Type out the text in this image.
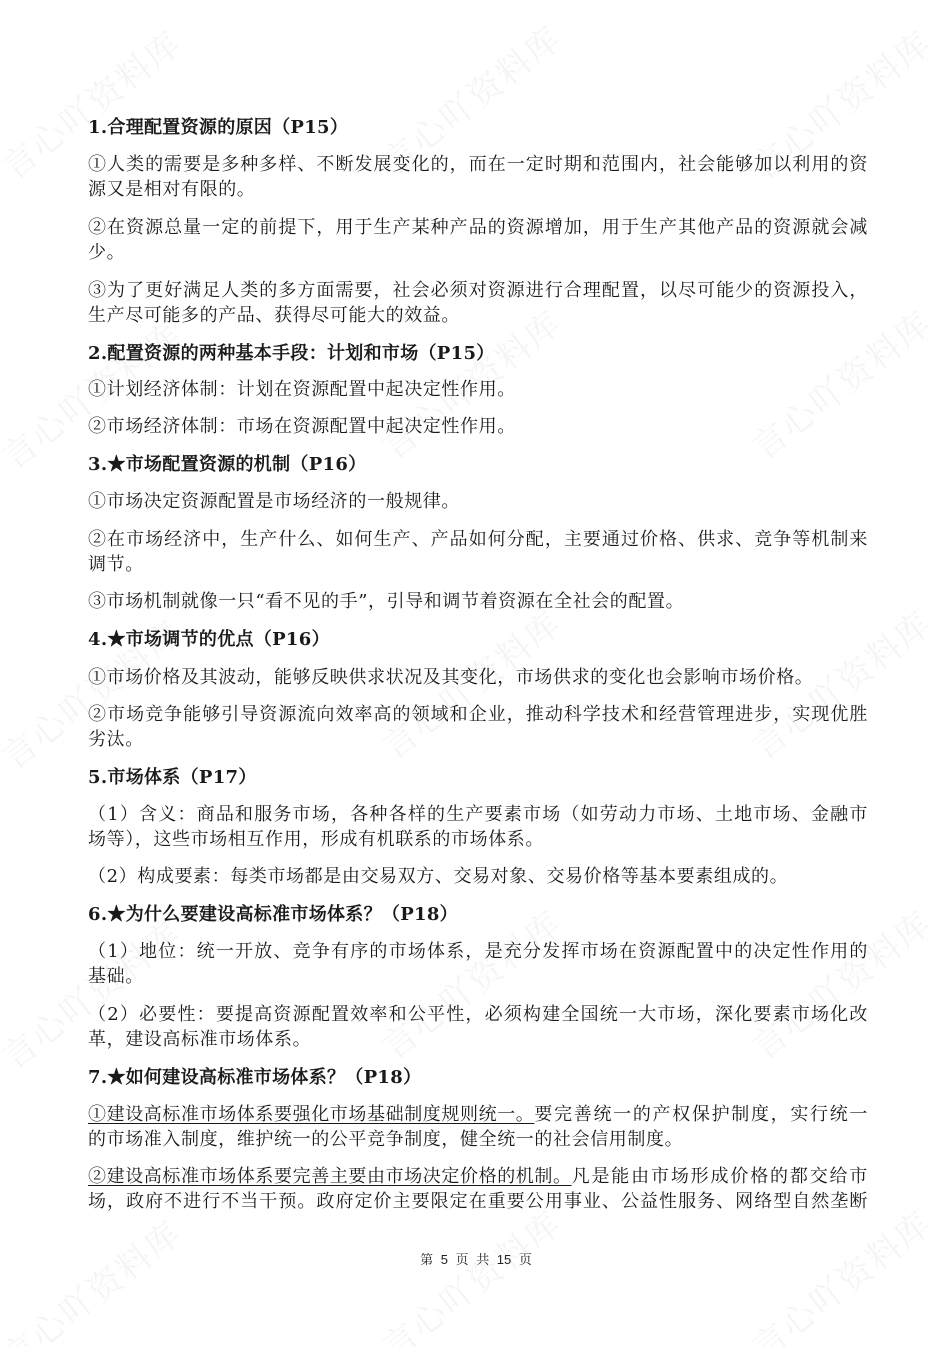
1.合理配置资源的原因（P15）
①人类的需要是多种多样、不断发展变化的，而在一定时期和范围内，社会能够加以利用的资
源又是相对有限的。
②在资源总量一定的前提下，用于生产某种产品的资源增加，用于生产其他产品的资源就会减
少。
③为了更好满足人类的多方面需要，社会必须对资源进行合理配置，以尽可能少的资源投入，
生产尽可能多的产品、获得尽可能大的效益。
2.配置资源的两种基本手段：计划和市场（P15）
①计划经济体制：计划在资源配置中起决定性作用。
②市场经济体制：市场在资源配置中起决定性作用。
3.★市场配置资源的机制（P16）
①市场决定资源配置是市场经济的一般规律。
②在市场经济中，生产什么、如何生产、产品如何分配，主要通过价格、供求、竞争等机制来
调节。
③市场机制就像一只“看不见的手”，引导和调节着资源在全社会的配置。
4.★市场调节的优点（P16）
①市场价格及其波动，能够反映供求状况及其变化，市场供求的变化也会影响市场价格。
②市场竞争能够引导资源流向效率高的领域和企业，推动科学技术和经营管理进步，实现优胜
劣汰。
5.市场体系（P17）
（1）含义：商品和服务市场，各种各样的生产要素市场（如劳动力市场、土地市场、金融市
场等），这些市场相互作用，形成有机联系的市场体系。
（2）构成要素：每类市场都是由交易双方、交易对象、交易价格等基本要素组成的。
6.★为什么要建设高标准市场体系？（P18）
（1）地位：统一开放、竞争有序的市场体系，是充分发挥市场在资源配置中的决定性作用的
基础。
（2）必要性：要提高资源配置效率和公平性，必须构建全国统一大市场，深化要素市场化改
革，建设高标准市场体系。
7.★如何建设高标准市场体系？（P18）
①建设高标准市场体系要强化市场基础制度规则统一。 要完善统一的产权保护制度，实行统一
的市场准入制度，维护统一的公平竞争制度，健全统一的社会信用制度。
②建设高标准市场体系要完善主要由市场决定价格的机制。 凡是能由市场形成价格的都交给市
场，政府不进行不当干预。政府定价主要限定在重要公用事业、公益性服务、网络型自然垄断
第 5 页 共 15 页
